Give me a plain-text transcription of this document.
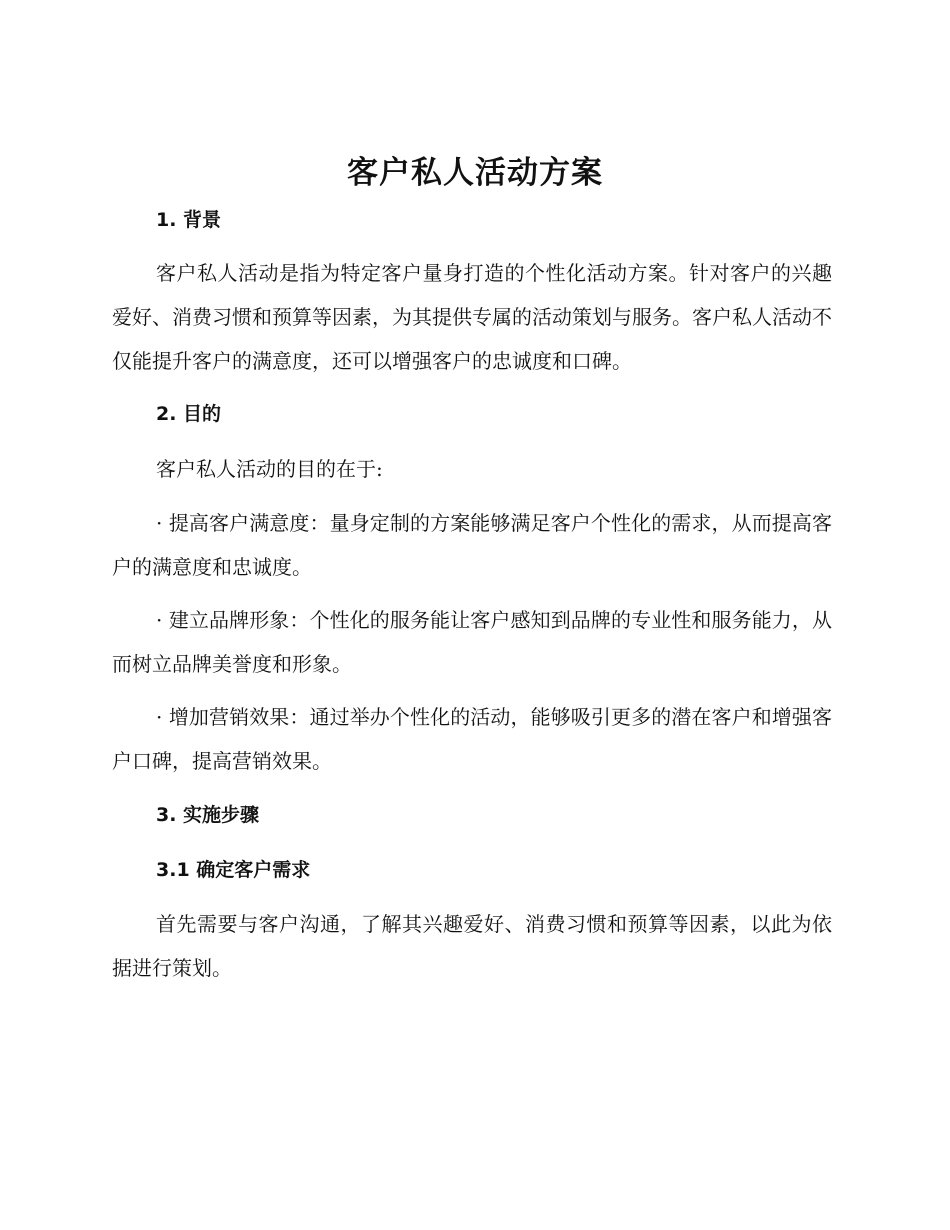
客户私人活动方案
1. 背景

客户私人活动是指为特定客户量身打造的个性化活动方案。针对客户的兴趣爱好、消费习惯和预算等因素，为其提供专属的活动策划与服务。客户私人活动不仅能提升客户的满意度，还可以增强客户的忠诚度和口碑。

2. 目的

客户私人活动的目的在于:

· 提高客户满意度：量身定制的方案能够满足客户个性化的需求，从而提高客户的满意度和忠诚度。

· 建立品牌形象：个性化的服务能让客户感知到品牌的专业性和服务能力，从而树立品牌美誉度和形象。

· 增加营销效果：通过举办个性化的活动，能够吸引更多的潜在客户和增强客户口碑，提高营销效果。

3. 实施步骤
3.1 确定客户需求

首先需要与客户沟通，了解其兴趣爱好、消费习惯和预算等因素，以此为依据进行策划。
